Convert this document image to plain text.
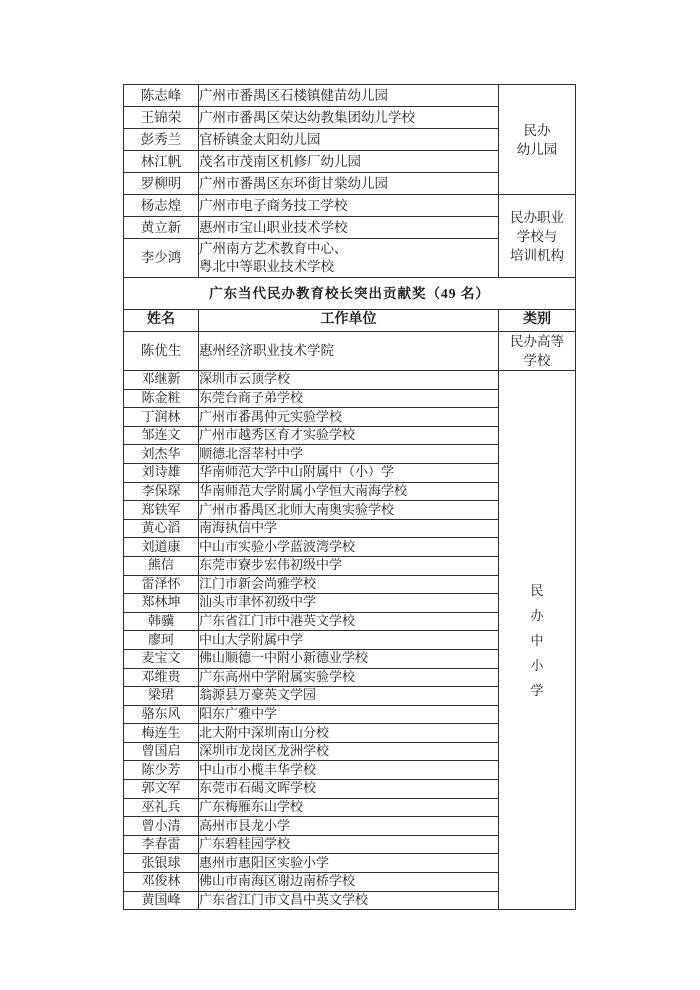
陈志峰	广州市番禺区石楼镇健苗幼儿园	民办
幼儿园

王锦荣	广州市番禺区荣达幼教集团幼儿学校	
彭秀兰	官桥镇金太阳幼儿园	
林江帆	茂名市茂南区机修厂幼儿园	
罗柳明	广州市番禺区东环街甘棠幼儿园	
杨志煌	广州市电子商务技工学校	民办职业
学校与
培训机构

黄立新	惠州市宝山职业技术学校	
李少鸿	广州南方艺术教育中心、
粤北中等职业技术学校	

广东当代民办教育校长突出贡献奖（49 名）		
姓名	工作单位	类别
陈优生	惠州经济职业技术学院	民办高等
学校

邓继新	深圳市云顶学校	民
办
中
小
学

陈金粧	东莞台商子弟学校	
丁润林	广州市番禺仲元实验学校	
邹连文	广州市越秀区育才实验学校	
刘杰华	顺德北滘莘村中学	
刘诗雄	华南师范大学中山附属中（小）学	
李保琛	华南师范大学附属小学恒大南海学校	
郑铁军	广州市番禺区北师大南奥实验学校	
黄心滔	南海执信中学	
刘道康	中山市实验小学蓝波湾学校	
熊信	东莞市寮步宏伟初级中学	
雷泽怀	江门市新会尚雅学校	
郑林坤	汕头市聿怀初级中学	
韩骥	广东省江门市中港英文学校	
廖珂	中山大学附属中学	
麦宝文	佛山顺德一中附小新德业学校	
邓维贵	广东高州中学附属实验学校	
梁珺	翁源县万豪英文学园	
骆东风	阳东广雅中学	
梅连生	北大附中深圳南山分校	
曾国启	深圳市龙岗区龙洲学校	
陈少芳	中山市小榄丰华学校	
郭文军	东莞市石碣文晖学校	
巫礼兵	广东梅雁东山学校	
曾小清	高州市艮龙小学	
李春雷	广东碧桂园学校	
张银球	惠州市惠阳区实验小学	
邓俊林	佛山市南海区谢边南桥学校	
黄国峰	广东省江门市文昌中英文学校	
